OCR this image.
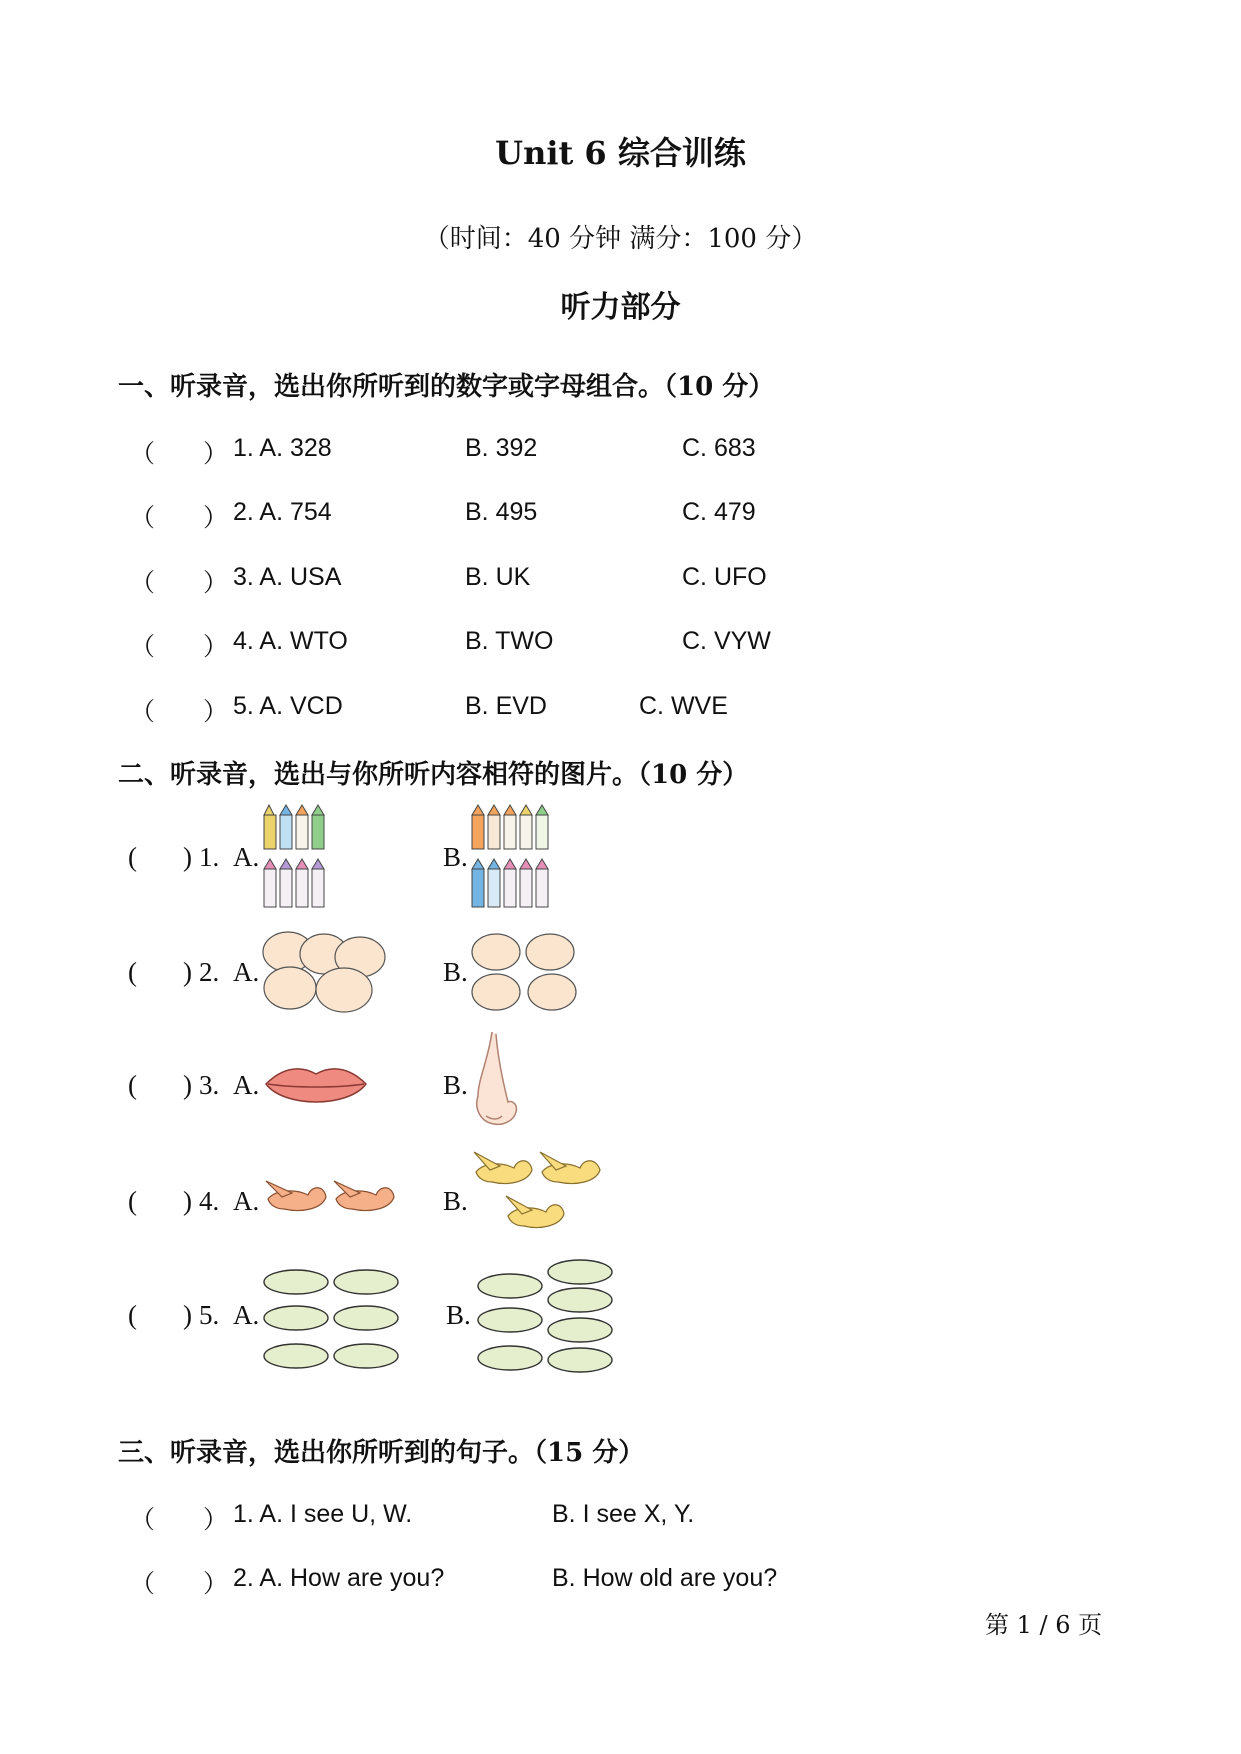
Unit 6 综合训练
（时间：40 分钟 满分：100 分）
听力部分
一、听录音，选出你所听到的数字或字母组合。（10 分）
（ ） 1. A. 328	B. 392	C. 683
（ ） 2. A. 754	B. 495	C. 479
（ ） 3. A. USA	B. UK	C. UFO
（ ） 4. A. WTO	B. TWO	C. VYW
（ ） 5. A. VCD	B. EVD	C. WVE
二、听录音，选出与你所听内容相符的图片。（10 分）
( ) 1. A.	B.
( ) 2. A.	B.
( ) 3. A.	B.
( ) 4. A.	B.
( ) 5. A.	B.
三、听录音，选出你所听到的句子。（15 分）
（ ） 1. A. I see U, W.	B. I see X, Y.
（ ） 2. A. How are you?	B. How old are you?
第 1 / 6 页
